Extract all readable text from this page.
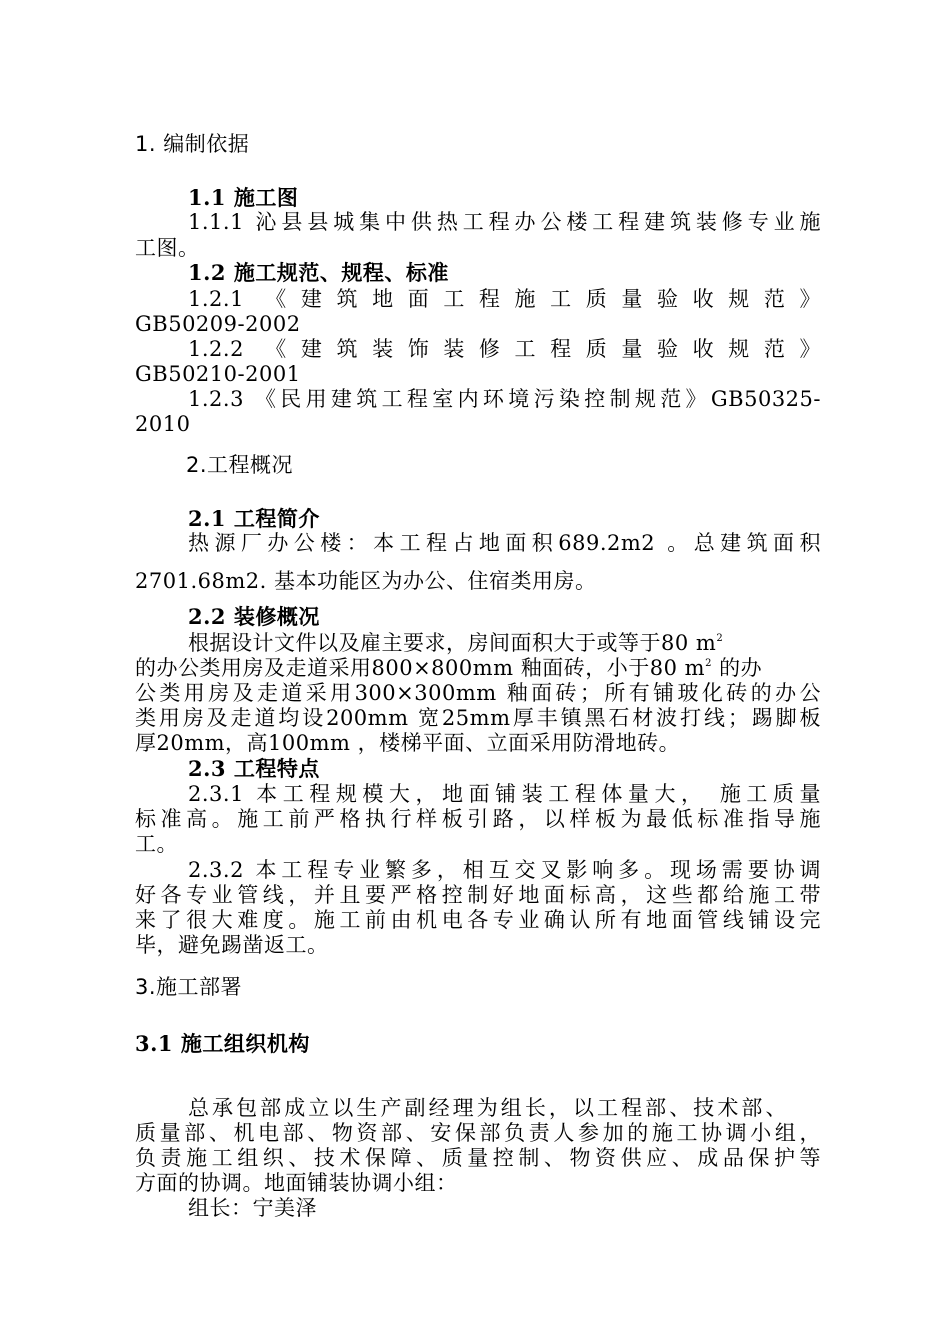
1. 编制依据
1.1 施工图
1.1.1 沁县县城集中供热工程办公楼工程建筑装修专业施
工图。
1.2 施工规范、规程、标准
1.2.1 《建筑地面工程施工质量验收规范》
GB50209-2002
1.2.2 《建筑装饰装修工程质量验收规范》
GB50210-2001
1.2.3 《民用建筑工程室内环境污染控制规范》GB50325-
2010
2.工程概况
2.1 工程简介
热源厂办公楼：本工程占地面积689.2m2 。总建筑面积
2701.68m2. 基本功能区为办公、住宿类用房。
2.2 装修概况
根据设计文件以及雇主要求，房间面积大于或等于80 $m^2$
的办公类用房及走道采用800×800mm 釉面砖，小于80 $m^2$ 的办
公类用房及走道采用300×300mm 釉面砖；所有铺玻化砖的办公
类用房及走道均设200mm 宽25mm厚丰镇黑石材波打线；踢脚板
厚20mm，高100mm ，楼梯平面、立面采用防滑地砖。
2.3 工程特点
2.3.1 本工程规模大，地面铺装工程体量大， 施工质量
标准高。施工前严格执行样板引路，以样板为最低标准指导施
工。
2.3.2 本工程专业繁多，相互交叉影响多。现场需要协调
好各专业管线，并且要严格控制好地面标高，这些都给施工带
来了很大难度。施工前由机电各专业确认所有地面管线铺设完
毕，避免踢凿返工。
3.施工部署
3.1 施工组织机构
总承包部成立以生产副经理为组长，以工程部、技术部、
质量部、机电部、物资部、安保部负责人参加的施工协调小组，
负责施工组织、技术保障、质量控制、物资供应、成品保护等
方面的协调。地面铺装协调小组：
组长：宁美泽
